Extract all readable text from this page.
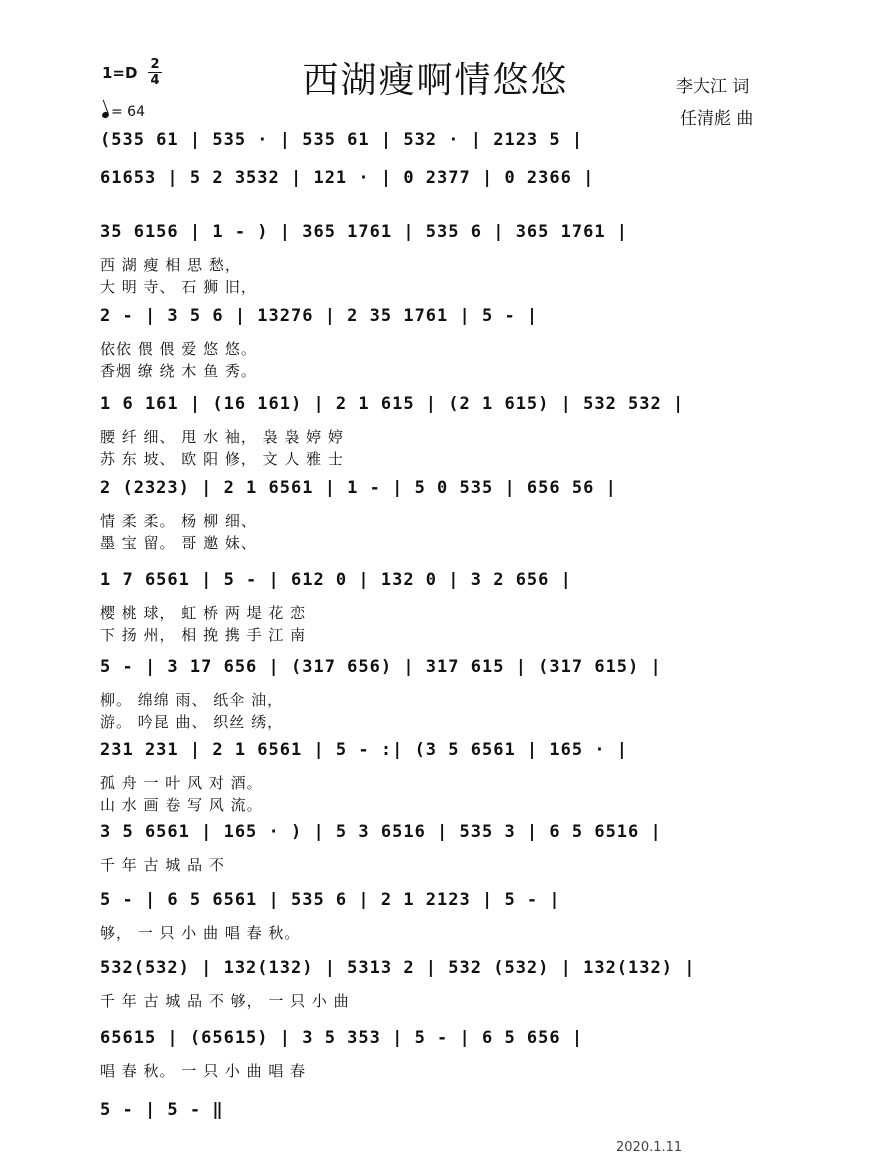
西湖瘦啊情悠悠
1=D 2
4
= 64
李大江 词
任清彪 曲
(535 61 | 535 · | 535 61 | 532 · | 2123 5 |
61653 | 5 2 3532 | 121 · | 0 2377 | 0 2366 |
35 6156 | 1 - ) | 365 1761 | 535 6 | 365 1761 |
西 湖 瘦 相 思 愁，
大 明 寺、 石 狮 旧，
2 - | 3 5 6 | 13276 | 2 35 1761 | 5 - |
依依 偎 偎 爱 悠 悠。
香烟 缭 绕 木 鱼 秀。
1 6 161 | (16 161) | 2 1 615 | (2 1 615) | 532 532 |
腰 纤 细、 甩 水 袖， 袅 袅 婷 婷
苏 东 坡、 欧 阳 修， 文 人 雅 士
2 (2323) | 2 1 6561 | 1 - | 5 0 535 | 656 56 |
情 柔 柔。 杨 柳 细、
墨 宝 留。 哥 邀 妹、
1 7 6561 | 5 - | 612 0 | 132 0 | 3 2 656 |
樱 桃 球， 虹 桥 两 堤 花 恋
下 扬 州， 相 挽 携 手 江 南
5 - | 3 17 656 | (317 656) | 317 615 | (317 615) |
柳。 绵绵 雨、 纸伞 油，
游。 吟昆 曲、 织丝 绣，
231 231 | 2 1 6561 | 5 - :| (3 5 6561 | 165 · |
孤 舟 一 叶 风 对 酒。
山 水 画 卷 写 风 流。
3 5 6561 | 165 · ) | 5 3 6516 | 535 3 | 6 5 6516 |
千 年 古 城 品 不
5 - | 6 5 6561 | 535 6 | 2 1 2123 | 5 - |
够， 一 只 小 曲 唱 春 秋。
532(532) | 132(132) | 5313 2 | 532 (532) | 132(132) |
千 年 古 城 品 不 够， 一 只 小 曲
65615 | (65615) | 3 5 353 | 5 - | 6 5 656 |
唱 春 秋。 一 只 小 曲 唱 春
5 - | 5 - ‖
2020.1.11
